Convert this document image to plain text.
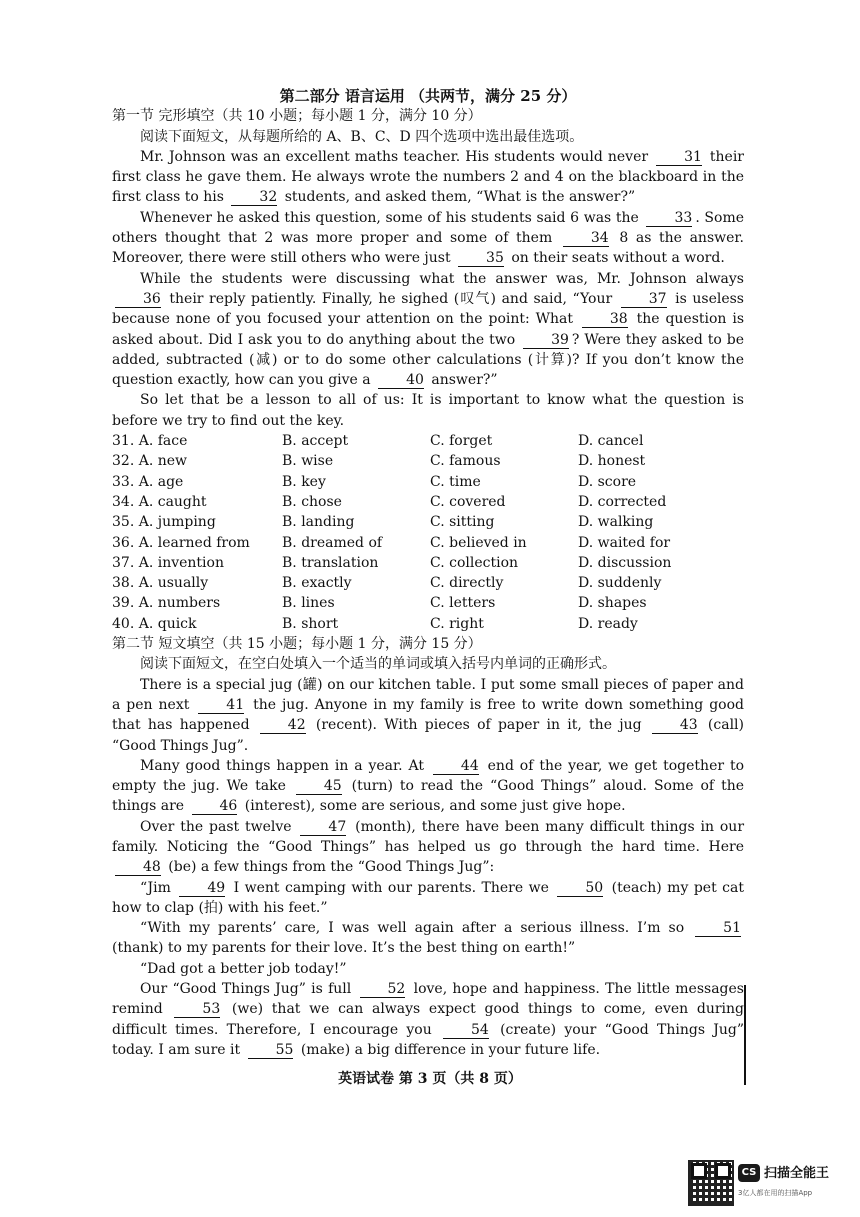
第二部分 语言运用 （共两节，满分 25 分）
第一节 完形填空（共 10 小题；每小题 1 分，满分 10 分）
阅读下面短文，从每题所给的 A、B、C、D 四个选项中选出最佳选项。
Mr. Johnson was an excellent maths teacher. His students would never 31 their first class he gave them. He always wrote the numbers 2 and 4 on the blackboard in the first class to his 32 students, and asked them, “What is the answer?”
Whenever he asked this question, some of his students said 6 was the 33 . Some others thought that 2 was more proper and some of them 34 8 as the answer. Moreover, there were still others who were just 35 on their seats without a word.
While the students were discussing what the answer was, Mr. Johnson always 36 their reply patiently. Finally, he sighed (叹气) and said, “Your 37 is useless because none of you focused your attention on the point: What 38 the question is asked about. Did I ask you to do anything about the two 39 ? Were they asked to be added, subtracted (减) or to do some other calculations (计算)? If you don’t know the question exactly, how can you give a 40 answer?”
So let that be a lesson to all of us: It is important to know what the question is before we try to find out the key.
31. A. face	B. accept	C. forget	D. cancel
32. A. new	B. wise	C. famous	D. honest
33. A. age	B. key	C. time	D. score
34. A. caught	B. chose	C. covered	D. corrected
35. A. jumping	B. landing	C. sitting	D. walking
36. A. learned from	B. dreamed of	C. believed in	D. waited for
37. A. invention	B. translation	C. collection	D. discussion
38. A. usually	B. exactly	C. directly	D. suddenly
39. A. numbers	B. lines	C. letters	D. shapes
40. A. quick	B. short	C. right	D. ready
第二节 短文填空（共 15 小题；每小题 1 分，满分 15 分）
阅读下面短文，在空白处填入一个适当的单词或填入括号内单词的正确形式。
There is a special jug (罐) on our kitchen table. I put some small pieces of paper and a pen next 41 the jug. Anyone in my family is free to write down something good that has happened 42 (recent). With pieces of paper in it, the jug 43 (call) “Good Things Jug”.
Many good things happen in a year. At 44 end of the year, we get together to empty the jug. We take 45 (turn) to read the “Good Things” aloud. Some of the things are 46 (interest), some are serious, and some just give hope.
Over the past twelve 47 (month), there have been many difficult things in our family. Noticing the “Good Things” has helped us go through the hard time. Here 48 (be) a few things from the “Good Things Jug”:
“Jim 49 I went camping with our parents. There we 50 (teach) my pet cat how to clap (拍) with his feet.”
“With my parents’ care, I was well again after a serious illness. I’m so 51 (thank) to my parents for their love. It’s the best thing on earth!”
“Dad got a better job today!”
Our “Good Things Jug” is full 52 love, hope and happiness. The little messages remind 53 (we) that we can always expect good things to come, even during difficult times. Therefore, I encourage you 54 (create) your “Good Things Jug” today. I am sure it 55 (make) a big difference in your future life.
英语试卷 第 3 页（共 8 页）
CS 扫描全能王
3亿人都在用的扫描App
